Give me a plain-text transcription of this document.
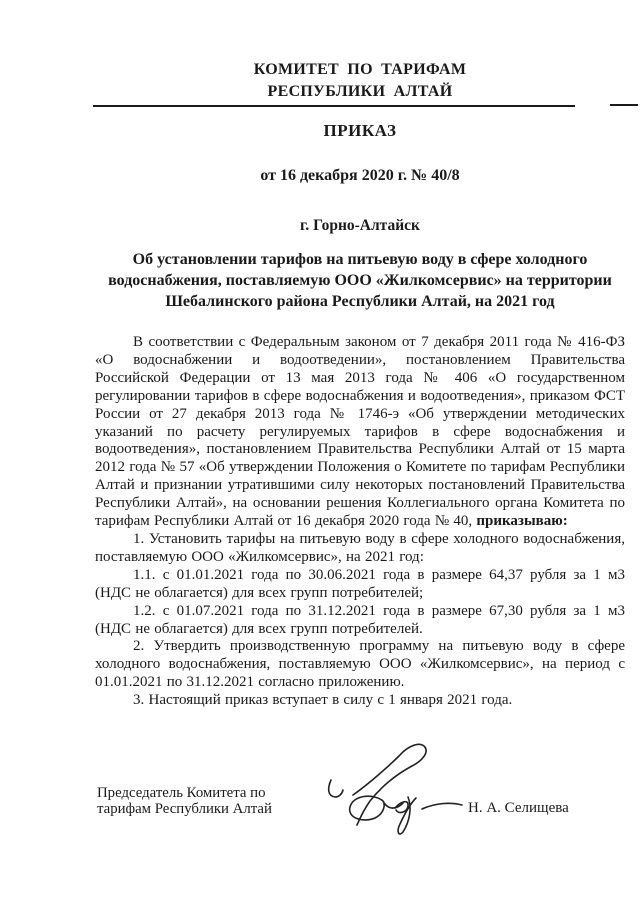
КОМИТЕТ ПО ТАРИФАМ
РЕСПУБЛИКИ АЛТАЙ
ПРИКАЗ
от 16 декабря 2020 г. № 40/8
г. Горно-Алтайск
Об установлении тарифов на питьевую воду в сфере холодного водоснабжения, поставляемую ООО «Жилкомсервис» на территории Шебалинского района Республики Алтай, на 2021 год

В соответствии с Федеральным законом от 7 декабря 2011 года № 416-ФЗ «О водоснабжении и водоотведении», постановлением Правительства Российской Федерации от 13 мая 2013 года № 406 «О государственном регулировании тарифов в сфере водоснабжения и водоотведения», приказом ФСТ России от 27 декабря 2013 года № 1746-э «Об утверждении методических указаний по расчету регулируемых тарифов в сфере водоснабжения и водоотведения», постановлением Правительства Республики Алтай от 15 марта 2012 года № 57 «Об утверждении Положения о Комитете по тарифам Республики Алтай и признании утратившими силу некоторых постановлений Правительства Республики Алтай», на основании решения Коллегиального органа Комитета по тарифам Республики Алтай от 16 декабря 2020 года № 40, приказываю:

1. Установить тарифы на питьевую воду в сфере холодного водоснабжения, поставляемую ООО «Жилкомсервис», на 2021 год:

1.1. с 01.01.2021 года по 30.06.2021 года в размере 64,37 рубля за 1 м3 (НДС не облагается) для всех групп потребителей;

1.2. с 01.07.2021 года по 31.12.2021 года в размере 67,30 рубля за 1 м3 (НДС не облагается) для всех групп потребителей.

2. Утвердить производственную программу на питьевую воду в сфере холодного водоснабжения, поставляемую ООО «Жилкомсервис», на период с 01.01.2021 по 31.12.2021 согласно приложению.

3. Настоящий приказ вступает в силу с 1 января 2021 года.

Председатель Комитета по
тарифам Республики Алтай	Н. А. Селищева
